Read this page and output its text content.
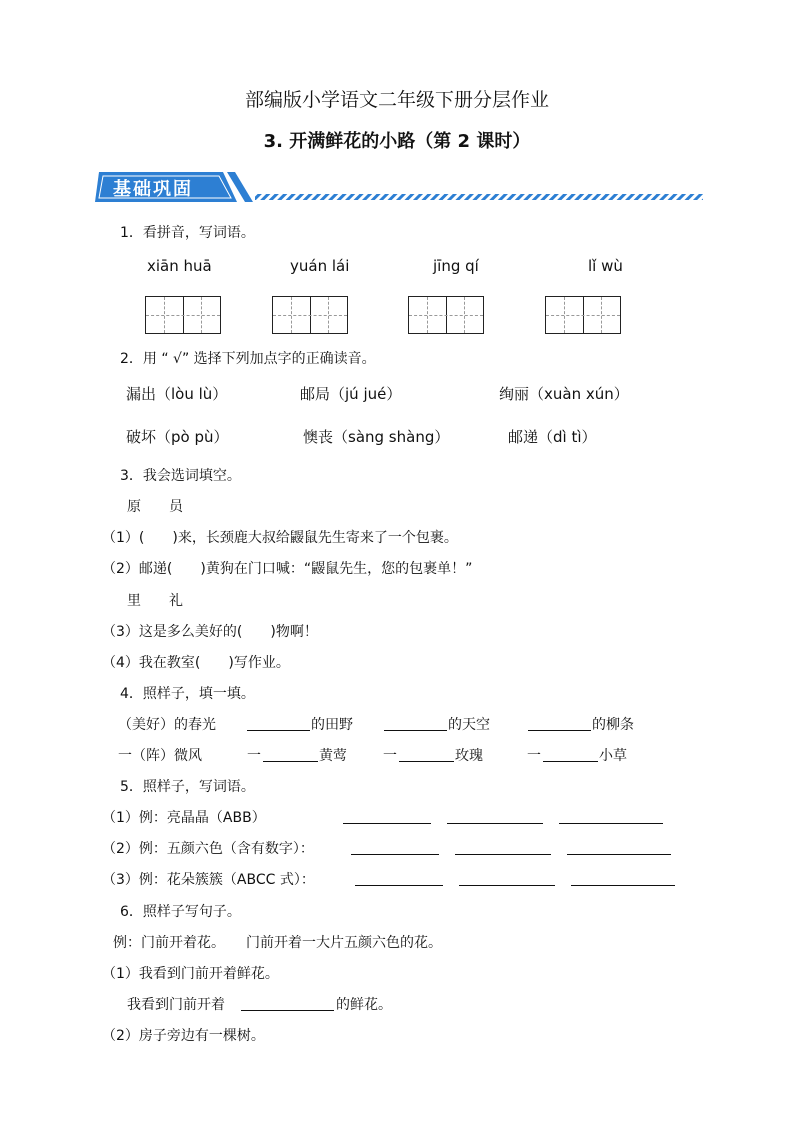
部编版小学语文二年级下册分层作业
3. 开满鲜花的小路（第 2 课时）
基础巩固
1．看拼音，写词语。
xiān huā	yuán lái	jīng qí	lǐ wù
2．用 “ √” 选择下列加点字的正确读音。
漏出（lòu lù）	邮局（jú jué）	绚丽（xuàn xún）
破坏（pò pù）	懊丧（sàng shàng）	邮递（dì tì）
3．我会选词填空。
原　　员
（1）(　　)来，长颈鹿大叔给鼹鼠先生寄来了一个包裹。
（2）邮递(　　)黄狗在门口喊：“鼹鼠先生，您的包裹单！”
里　　礼
（3）这是多么美好的(　　)物啊！
（4）我在教室(　　)写作业。
4．照样子，填一填。
（美好）的春光	的田野	的天空	的柳条
一（阵）微风	一	黄莺	一	玫瑰	一	小草
5．照样子，写词语。
（1）例：亮晶晶（ABB）
（2）例：五颜六色（含有数字）：
（3）例：花朵簇簇（ABCC 式）：
6．照样子写句子。
例：门前开着花。　　门前开着一大片五颜六色的花。
（1）我看到门前开着鲜花。
我看到门前开着	的鲜花。
（2）房子旁边有一棵树。
